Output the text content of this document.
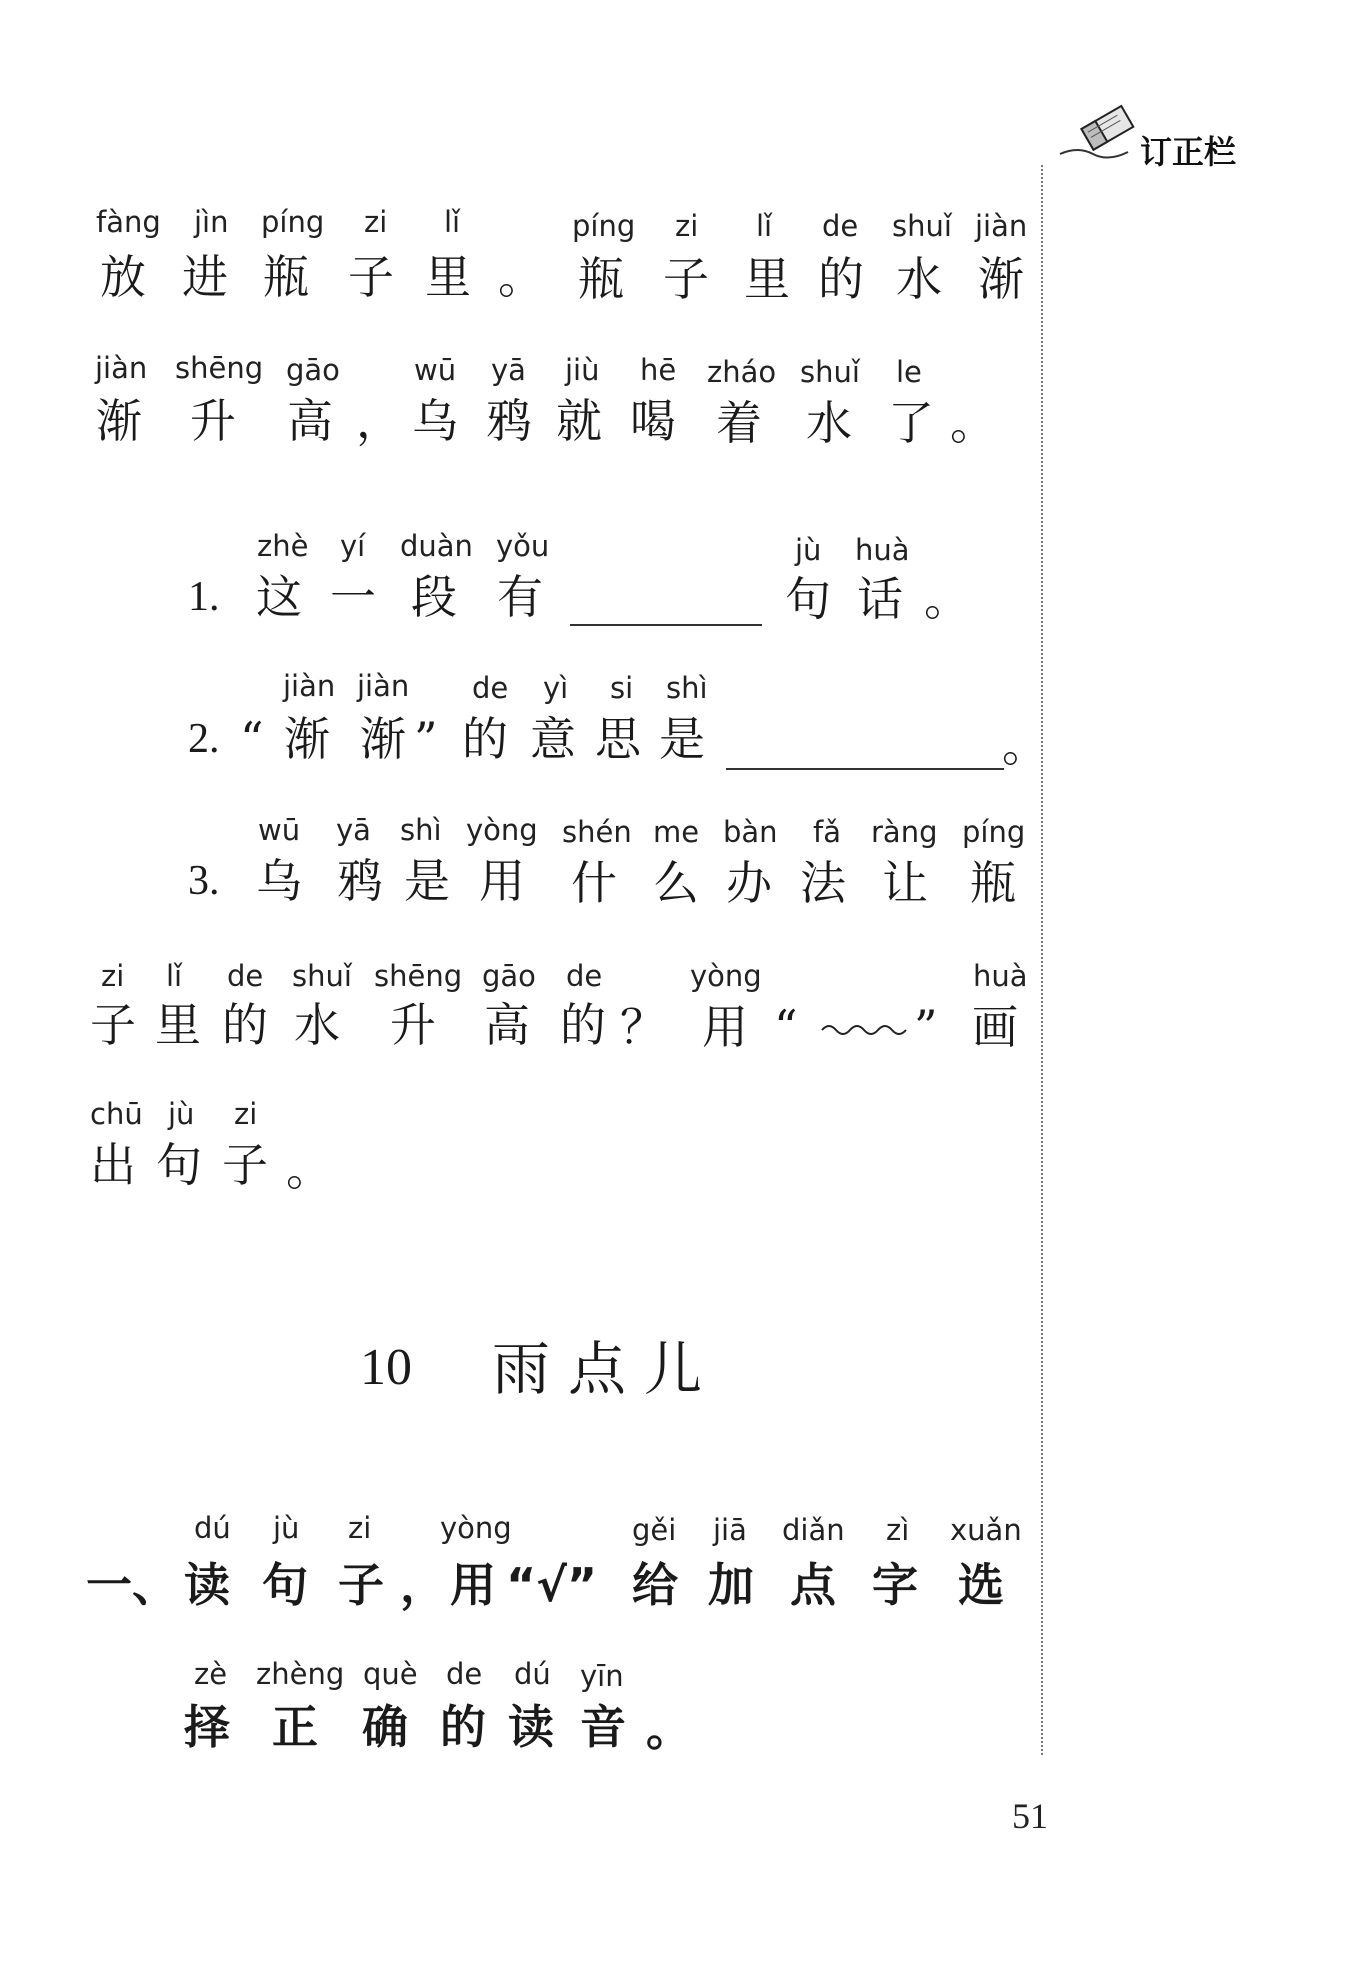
订正栏
fàng jìn píng zi lǐ	píng zi lǐ de shuǐ jiàn
放 进 瓶 子 里 。 瓶 子 里 的 水 渐
jiàn shēng gāo	wū yā jiù hē zháo shuǐ le
渐 升 高 ， 乌 鸦 就 喝 着 水 了 。
zhè yí duàn yǒu	jù huà
1. 这 一 段 有	句 话 。
jiàn jiàn de yì si shì
2. “ 渐 渐 ” 的 意 思 是	。
wū yā shì yòng shén me bàn fǎ ràng píng
3. 乌 鸦 是 用 什 么 办 法 让 瓶
zi lǐ de shuǐ shēng gāo de	yòng	huà
子 里 的 水 升 高 的 ？ 用 “	” 画
chū jù zi
出 句 子 。
10 雨点儿
dú jù zi yòng	gěi jiā diǎn zì xuǎn
一、 读 句 子 ， 用 “√” 给 加 点 字 选
zè zhèng què de dú yīn
择 正 确 的 读 音 。
51
